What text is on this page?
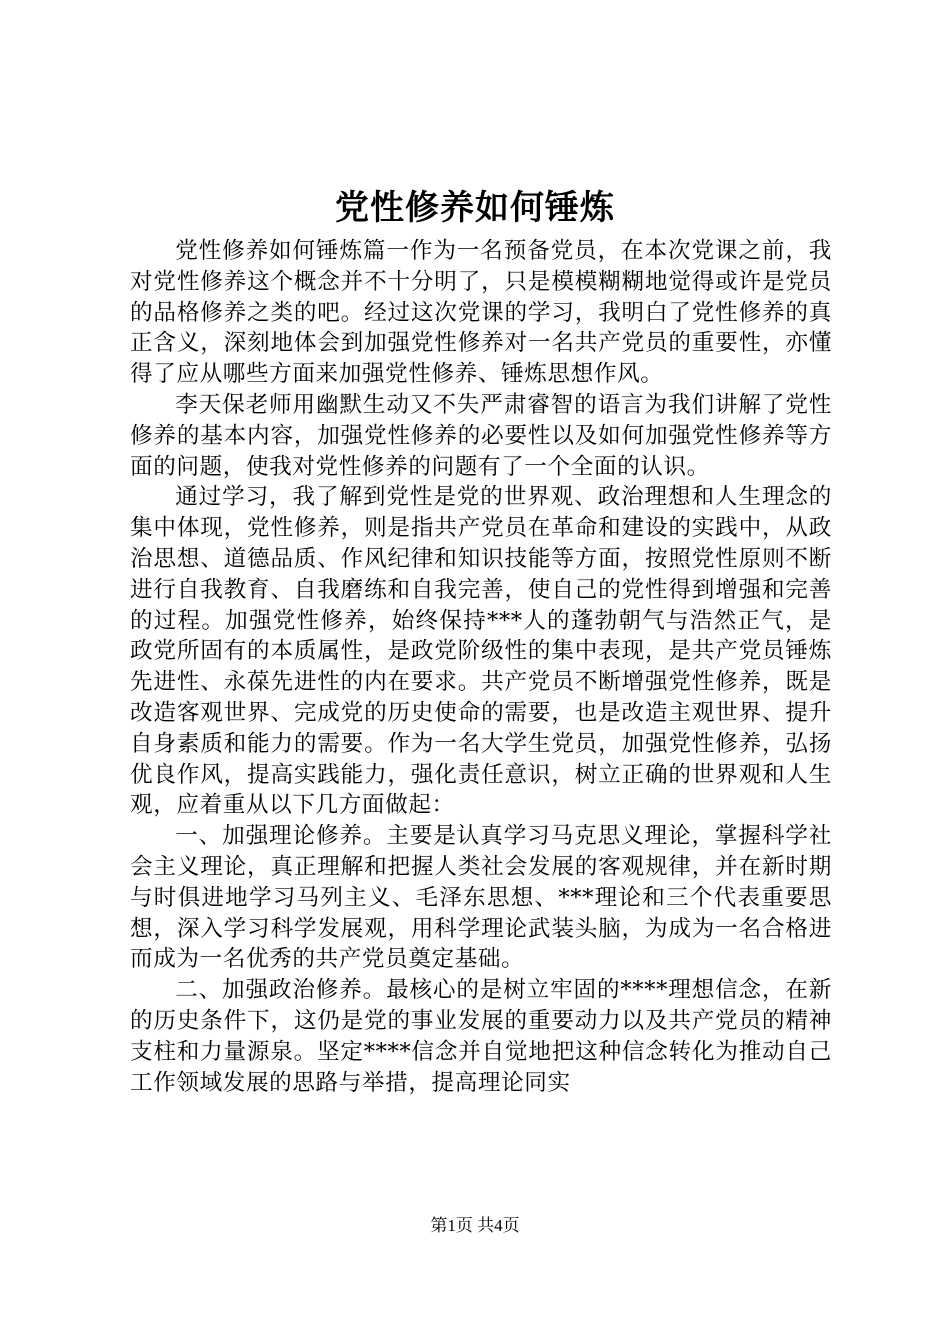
党性修养如何锤炼

党性修养如何锤炼篇一作为一名预备党员，在本次党课之前，我对党性修养这个概念并不十分明了，只是模模糊糊地觉得或许是党员的品格修养之类的吧。经过这次党课的学习，我明白了党性修养的真正含义，深刻地体会到加强党性修养对一名共产党员的重要性，亦懂得了应从哪些方面来加强党性修养、锤炼思想作风。

李天保老师用幽默生动又不失严肃睿智的语言为我们讲解了党性修养的基本内容，加强党性修养的必要性以及如何加强党性修养等方面的问题，使我对党性修养的问题有了一个全面的认识。

通过学习，我了解到党性是党的世界观、政治理想和人生理念的集中体现，党性修养，则是指共产党员在革命和建设的实践中，从政治思想、道德品质、作风纪律和知识技能等方面，按照党性原则不断进行自我教育、自我磨练和自我完善，使自己的党性得到增强和完善的过程。加强党性修养，始终保持***人的蓬勃朝气与浩然正气，是政党所固有的本质属性，是政党阶级性的集中表现，是共产党员锤炼先进性、永葆先进性的内在要求。共产党员不断增强党性修养，既是改造客观世界、完成党的历史使命的需要，也是改造主观世界、提升自身素质和能力的需要。作为一名大学生党员，加强党性修养，弘扬优良作风，提高实践能力，强化责任意识，树立正确的世界观和人生观，应着重从以下几方面做起：

一、加强理论修养。主要是认真学习马克思义理论，掌握科学社会主义理论，真正理解和把握人类社会发展的客观规律，并在新时期与时俱进地学习马列主义、毛泽东思想、***理论和三个代表重要思想，深入学习科学发展观，用科学理论武装头脑，为成为一名合格进而成为一名优秀的共产党员奠定基础。

二、加强政治修养。最核心的是树立牢固的****理想信念，在新的历史条件下，这仍是党的事业发展的重要动力以及共产党员的精神支柱和力量源泉。坚定****信念并自觉地把这种信念转化为推动自己工作领域发展的思路与举措，提高理论同实

第1页 共4页
